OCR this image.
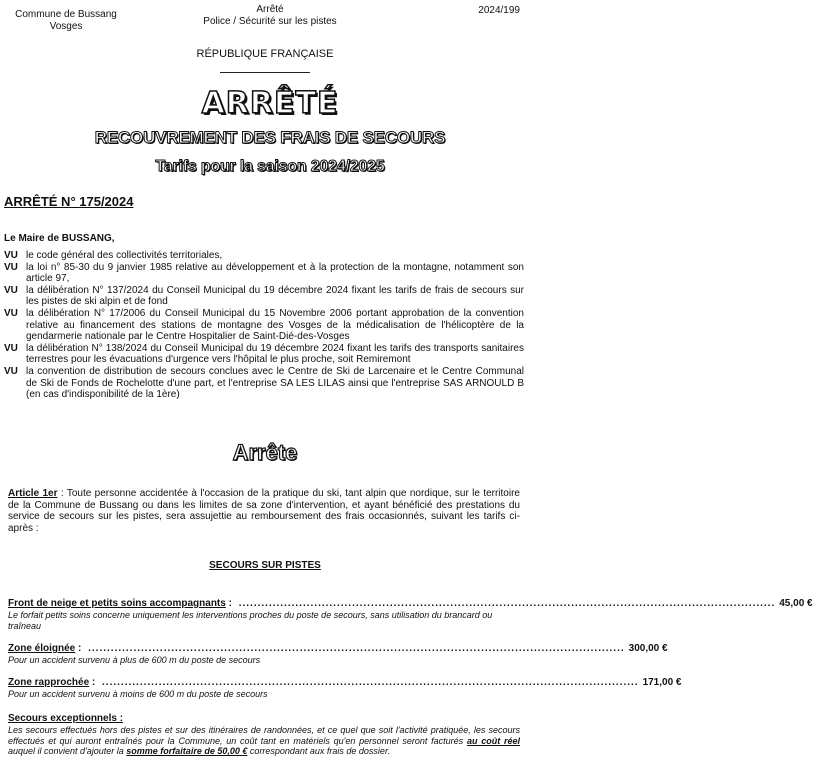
Commune de Bussang
Vosges
Arrêté
Police / Sécurité sur les pistes
2024/199
RÉPUBLIQUE FRANÇAISE
ARRÊTÉ
RECOUVREMENT DES FRAIS DE SECOURS
Tarifs pour la saison 2024/2025
ARRÊTÉ N° 175/2024
Le Maire de BUSSANG,
VU le code général des collectivités territoriales,
VU la loi n° 85-30 du 9 janvier 1985 relative au développement et à la protection de la montagne, notamment son article 97,
VU la délibération N° 137/2024 du Conseil Municipal du 19 décembre 2024 fixant les tarifs de frais de secours sur les pistes de ski alpin et de fond
VU la délibération N° 17/2006 du Conseil Municipal du 15 Novembre 2006 portant approbation de la convention relative au financement des stations de montagne des Vosges de la médicalisation de l'hélicoptère de la gendarmerie nationale par le Centre Hospitalier de Saint-Dié-des-Vosges
VU la délibération N° 138/2024 du Conseil Municipal du 19 décembre 2024 fixant les tarifs des transports sanitaires terrestres pour les évacuations d'urgence vers l'hôpital le plus proche, soit Remiremont
VU la convention de distribution de secours conclues avec le Centre de Ski de Larcenaire et le Centre Communal de Ski de Fonds de Rochelotte d'une part, et l'entreprise SA LES LILAS ainsi que l'entreprise SAS ARNOULD B (en cas d'indisponibilité de la 1ère)
Arrête
Article 1er : Toute personne accidentée à l'occasion de la pratique du ski, tant alpin que nordique, sur le territoire de la Commune de Bussang ou dans les limites de sa zone d'intervention, et ayant bénéficié des prestations du service de secours sur les pistes, sera assujettie au remboursement des frais occasionnés, suivant les tarifs ci-après :
SECOURS SUR PISTES
Front de neige et petits soins accompagnants : .............................................................................................................................................. 45,00 €
Le forfait petits soins concerne uniquement les interventions proches du poste de secours, sans utilisation du brancard ou traîneau
Zone éloignée : .............................................................................................................................................. 300,00 €
Pour un accident survenu à plus de 600 m du poste de secours
Zone rapprochée : .............................................................................................................................................. 171,00 €
Pour un accident survenu à moins de 600 m du poste de secours
Secours exceptionnels :
Les secours effectués hors des pistes et sur des itinéraires de randonnées, et ce quel que soit l'activité pratiquée, les secours effectués et qui auront entraînés pour la Commune, un coût tant en matériels qu'en personnel seront facturés au coût réel auquel il convient d'ajouter la somme forfaitaire de 50,00 € correspondant aux frais de dossier.
